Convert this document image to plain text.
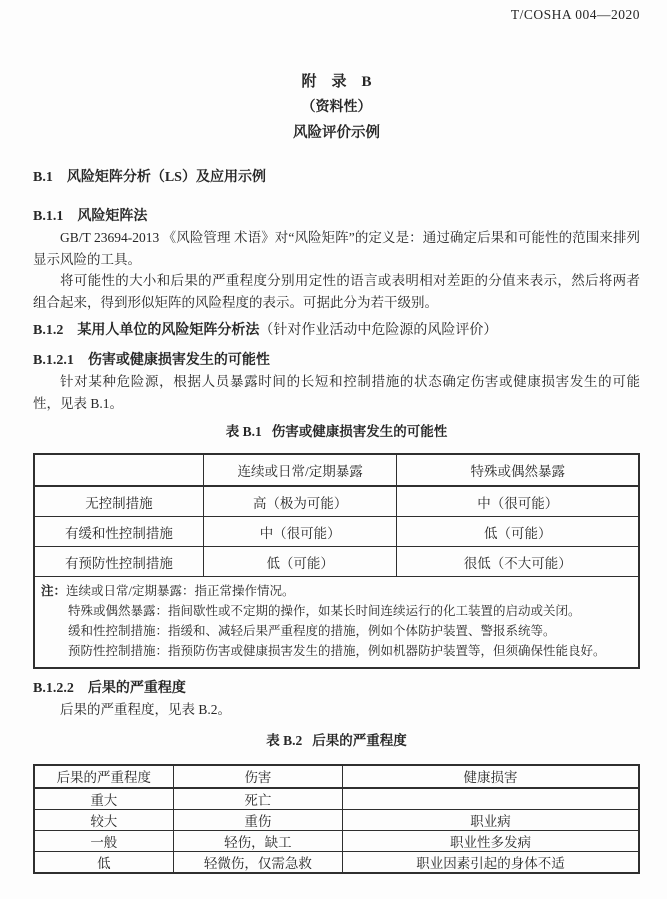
T/COSHA 004—2020
附　录　B
（资料性）
风险评价示例
B.1 风险矩阵分析（LS）及应用示例
B.1.1 风险矩阵法

GB/T 23694-2013 《风险管理 术语》对“风险矩阵”的定义是：通过确定后果和可能性的范围来排列显示风险的工具。

将可能性的大小和后果的严重程度分别用定性的语言或表明相对差距的分值来表示，然后将两者组合起来，得到形似矩阵的风险程度的表示。可据此分为若干级别。

B.1.2 某用人单位的风险矩阵分析法（针对作业活动中危险源的风险评价）
B.1.2.1 伤害或健康损害发生的可能性

针对某种危险源，根据人员暴露时间的长短和控制措施的状态确定伤害或健康损害发生的可能性，见表 B.1。

表 B.1 伤害或健康损害发生的可能性
	连续或日常/定期暴露	特殊或偶然暴露
无控制措施	高（极为可能）	中（很可能）
有缓和性控制措施	中（很可能）	低（可能）
有预防性控制措施	低（可能）	很低（不大可能）

注：连续或日常/定期暴露：指正常操作情况。
特殊或偶然暴露：指间歇性或不定期的操作，如某长时间连续运行的化工装置的启动或关闭。
缓和性控制措施：指缓和、减轻后果严重程度的措施，例如个体防护装置、警报系统等。
预防性控制措施：指预防伤害或健康损害发生的措施，例如机器防护装置等，但须确保性能良好。		
B.1.2.2 后果的严重程度

后果的严重程度，见表 B.2。

表 B.2 后果的严重程度
后果的严重程度	伤害	健康损害
重大	死亡	
较大	重伤	职业病
一般	轻伤，缺工	职业性多发病
低	轻微伤，仅需急救	职业因素引起的身体不适
